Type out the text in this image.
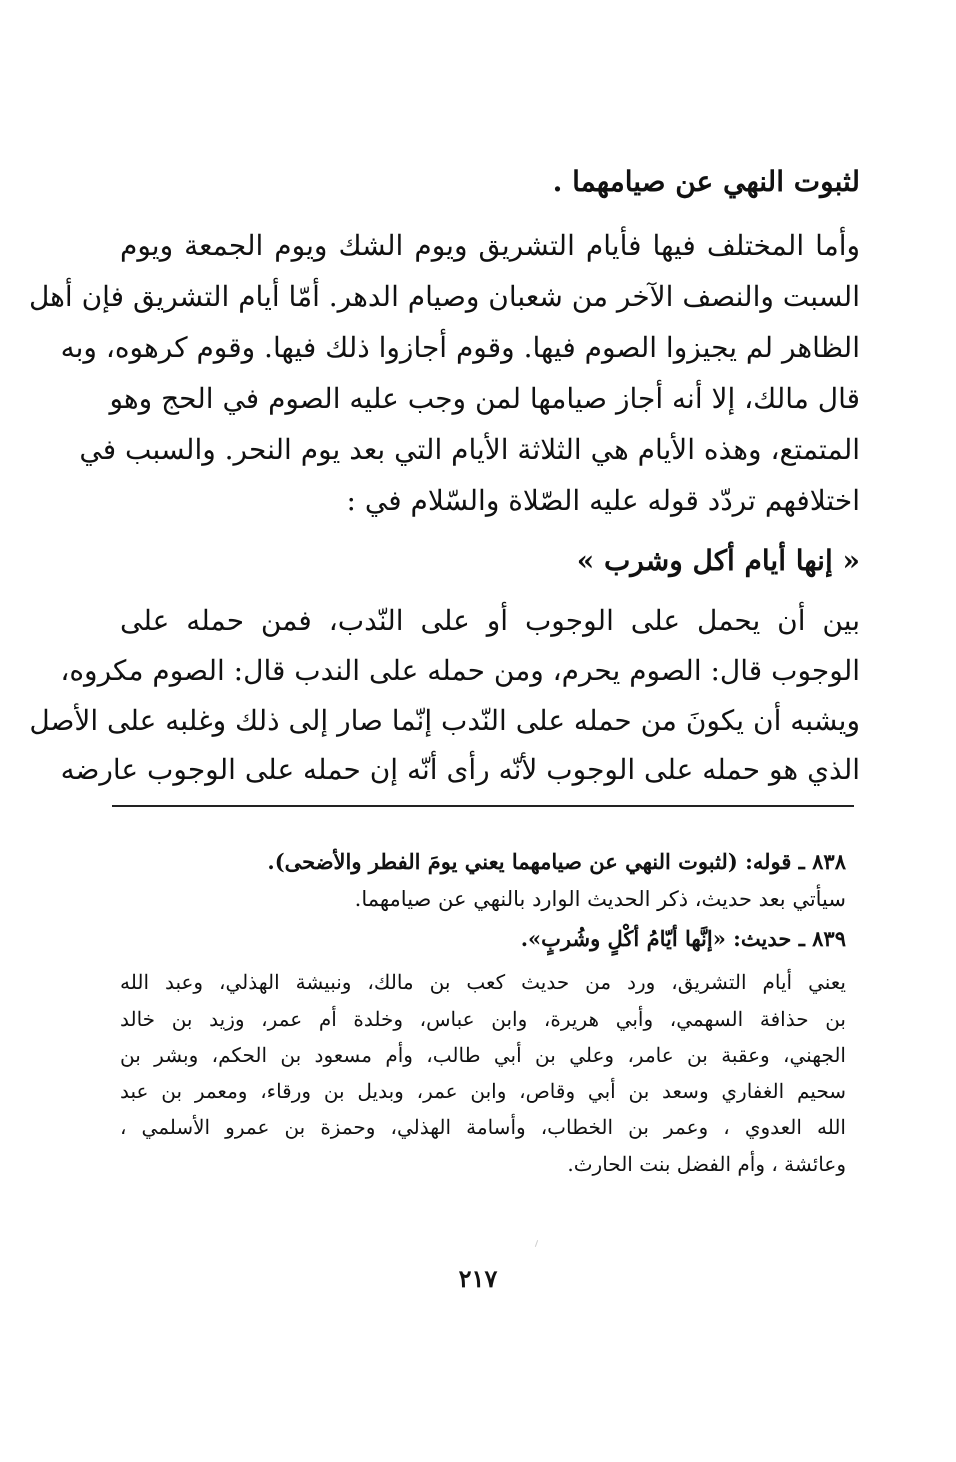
لثبوت النهي عن صيامهما .
وأما المختلف فيها فأيام التشريق ويوم الشك ويوم الجمعة ويوم
السبت والنصف الآخر من شعبان وصيام الدهر. أمّا أيام التشريق فإن أهل
الظاهر لم يجيزوا الصوم فيها. وقوم أجازوا ذلك فيها. وقوم كرهوه، وبه
قال مالك، إلا أنه أجاز صيامها لمن وجب عليه الصوم في الحج وهو
المتمتع، وهذه الأيام هي الثلاثة الأيام التي بعد يوم النحر. والسبب في
اختلافهم تردّد قوله عليه الصّلاة والسّلام في :
« إنها أيام أكل وشرب »
بين أن يحمل على الوجوب أو على النّدب، فمن حمله على
الوجوب قال: الصوم يحرم، ومن حمله على الندب قال: الصوم مكروه،
ويشبه أن يكونَ من حمله على النّدب إنّما صار إلى ذلك وغلبه على الأصل
الذي هو حمله على الوجوب لأنّه رأى أنّه إن حمله على الوجوب عارضه
٨٣٨ ـ قوله: (لثبوت النهي عن صيامهما يعني يومَ الفطر والأضحى).
سيأتي بعد حديث، ذكر الحديث الوارد بالنهي عن صيامهما.
٨٣٩ ـ حديث: «إنَّها أيّامُ أكْلٍ وشُربٍ».
يعني أيام التشريق، ورد من حديث كعب بن مالك، ونبيشة الهذلي، وعبد الله
بن حذافة السهمي، وأبي هريرة، وابن عباس، وخلدة أم عمر، وزيد بن خالد
الجهني، وعقبة بن عامر، وعلي بن أبي طالب، وأم مسعود بن الحكم، وبشر بن
سحيم الغفاري وسعد بن أبي وقاص، وابن عمر، وبديل بن ورقاء، ومعمر بن عبد
الله العدوي ، وعمر بن الخطاب، وأسامة الهذلي، وحمزة بن عمرو الأسلمي ،
وعائشة ، وأم الفضل بنت الحارث.
٢١٧
